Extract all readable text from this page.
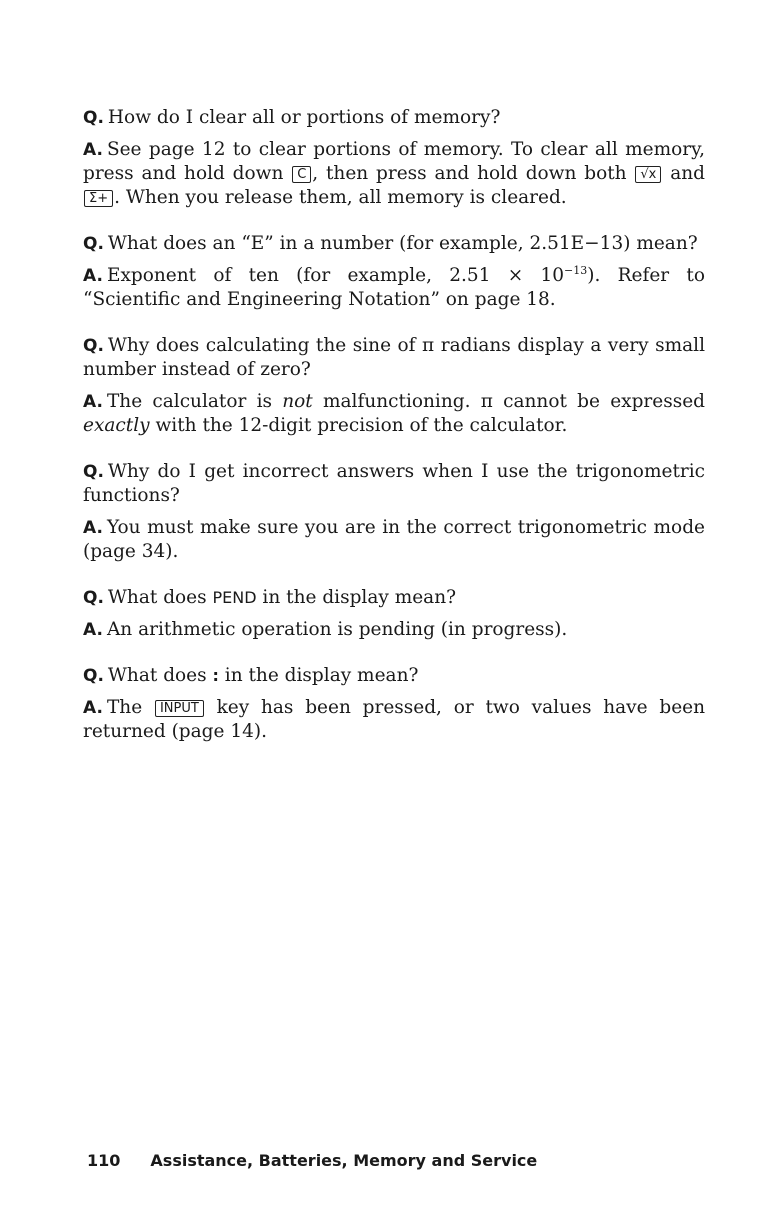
Q. How do I clear all or portions of memory?

A. See page 12 to clear portions of memory. To clear all memory, press and hold down C , then press and hold down both √x and Σ+ . When you release them, all memory is cleared.

Q. What does an “E” in a number (for example, 2.51E−13) mean?

A. Exponent of ten (for example, $2.51 \times 10^{-13}$). Refer to “Scientific and Engineering Notation” on page 18.

Q. Why does calculating the sine of π radians display a very small number instead of zero?

A. The calculator is not malfunctioning. π cannot be expressed exactly with the 12-digit precision of the calculator.

Q. Why do I get incorrect answers when I use the trigonometric functions?

A. You must make sure you are in the correct trigonometric mode (page 34).

Q. What does PEND in the display mean?

A. An arithmetic operation is pending (in progress).

Q. What does : in the display mean?

A. The INPUT key has been pressed, or two values have been returned (page 14).

110 Assistance, Batteries, Memory and Service
